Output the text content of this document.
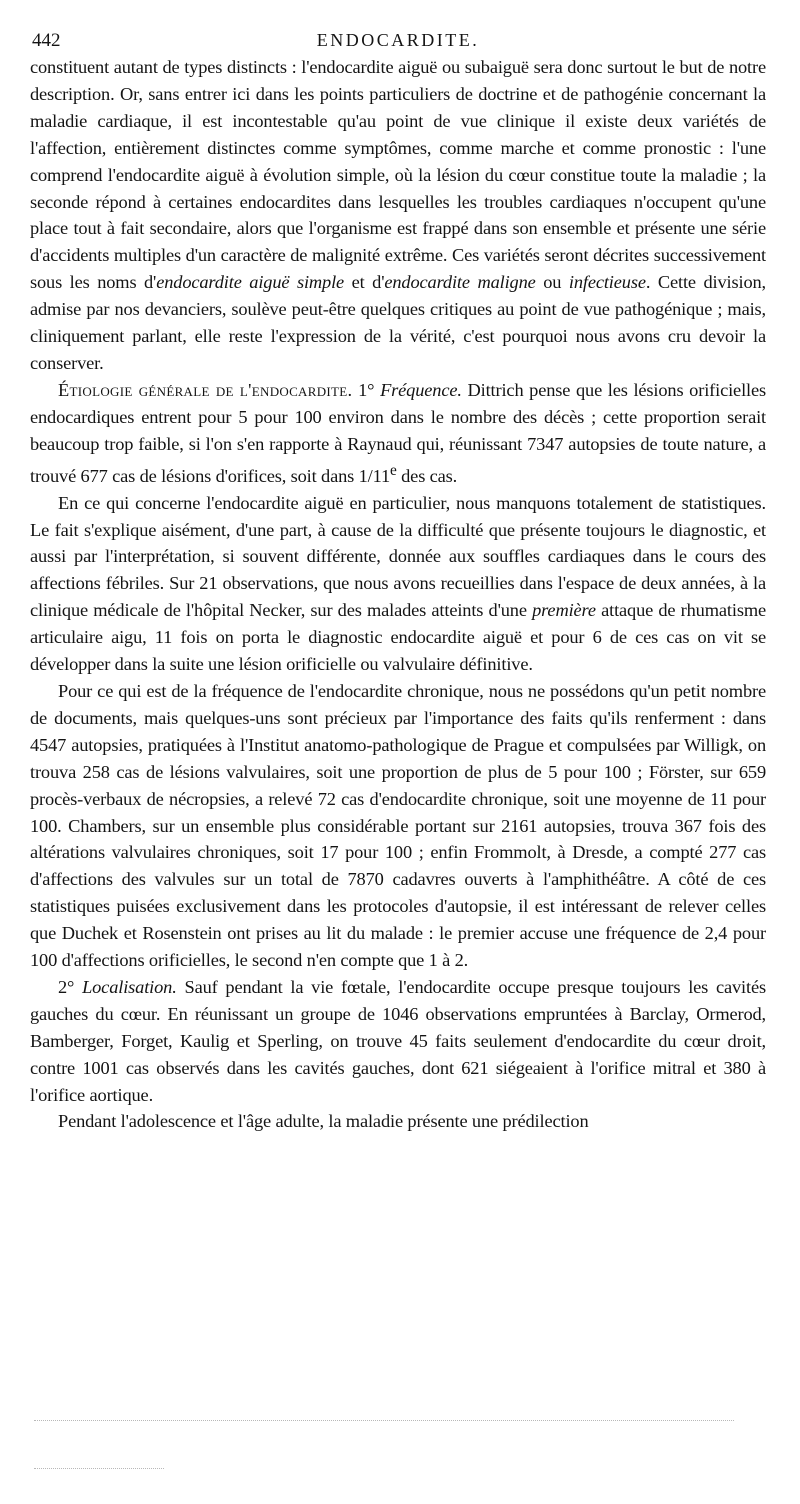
442	ENDOCARDITE.

constituent autant de types distincts : l'endocardite aiguë ou subaiguë sera donc surtout le but de notre description. Or, sans entrer ici dans les points particuliers de doctrine et de pathogénie concernant la maladie cardiaque, il est incontestable qu'au point de vue clinique il existe deux variétés de l'affection, entièrement distinctes comme symptômes, comme marche et comme pronostic : l'une comprend l'endocardite aiguë à évolution simple, où la lésion du cœur constitue toute la maladie ; la seconde répond à certaines endocardites dans lesquelles les troubles cardiaques n'occupent qu'une place tout à fait secondaire, alors que l'organisme est frappé dans son ensemble et présente une série d'accidents multiples d'un caractère de malignité extrême. Ces variétés seront décrites successivement sous les noms d'endocardite aiguë simple et d'endocardite maligne ou infectieuse. Cette division, admise par nos devanciers, soulève peut-être quelques critiques au point de vue pathogénique ; mais, cliniquement parlant, elle reste l'expression de la vérité, c'est pourquoi nous avons cru devoir la conserver.

Étiologie générale de l'endocardite. 1° Fréquence. Dittrich pense que les lésions orificielles endocardiques entrent pour 5 pour 100 environ dans le nombre des décès ; cette proportion serait beaucoup trop faible, si l'on s'en rapporte à Raynaud qui, réunissant 7347 autopsies de toute nature, a trouvé 677 cas de lésions d'orifices, soit dans 1/11e des cas.

En ce qui concerne l'endocardite aiguë en particulier, nous manquons totalement de statistiques. Le fait s'explique aisément, d'une part, à cause de la difficulté que présente toujours le diagnostic, et aussi par l'interprétation, si souvent différente, donnée aux souffles cardiaques dans le cours des affections fébriles. Sur 21 observations, que nous avons recueillies dans l'espace de deux années, à la clinique médicale de l'hôpital Necker, sur des malades atteints d'une première attaque de rhumatisme articulaire aigu, 11 fois on porta le diagnostic endocardite aiguë et pour 6 de ces cas on vit se développer dans la suite une lésion orificielle ou valvulaire définitive.

Pour ce qui est de la fréquence de l'endocardite chronique, nous ne possédons qu'un petit nombre de documents, mais quelques-uns sont précieux par l'importance des faits qu'ils renferment : dans 4547 autopsies, pratiquées à l'Institut anatomo-pathologique de Prague et compulsées par Willigk, on trouva 258 cas de lésions valvulaires, soit une proportion de plus de 5 pour 100 ; Förster, sur 659 procès-verbaux de nécropsies, a relevé 72 cas d'endocardite chronique, soit une moyenne de 11 pour 100. Chambers, sur un ensemble plus considérable portant sur 2161 autopsies, trouva 367 fois des altérations valvulaires chroniques, soit 17 pour 100 ; enfin Frommolt, à Dresde, a compté 277 cas d'affections des valvules sur un total de 7870 cadavres ouverts à l'amphithéâtre. A côté de ces statistiques puisées exclusivement dans les protocoles d'autopsie, il est intéressant de relever celles que Duchek et Rosenstein ont prises au lit du malade : le premier accuse une fréquence de 2,4 pour 100 d'affections orificielles, le second n'en compte que 1 à 2.

2° Localisation. Sauf pendant la vie fœtale, l'endocardite occupe presque toujours les cavités gauches du cœur. En réunissant un groupe de 1046 observations empruntées à Barclay, Ormerod, Bamberger, Forget, Kaulig et Sperling, on trouve 45 faits seulement d'endocardite du cœur droit, contre 1001 cas observés dans les cavités gauches, dont 621 siégeaient à l'orifice mitral et 380 à l'orifice aortique.

Pendant l'adolescence et l'âge adulte, la maladie présente une prédilection
